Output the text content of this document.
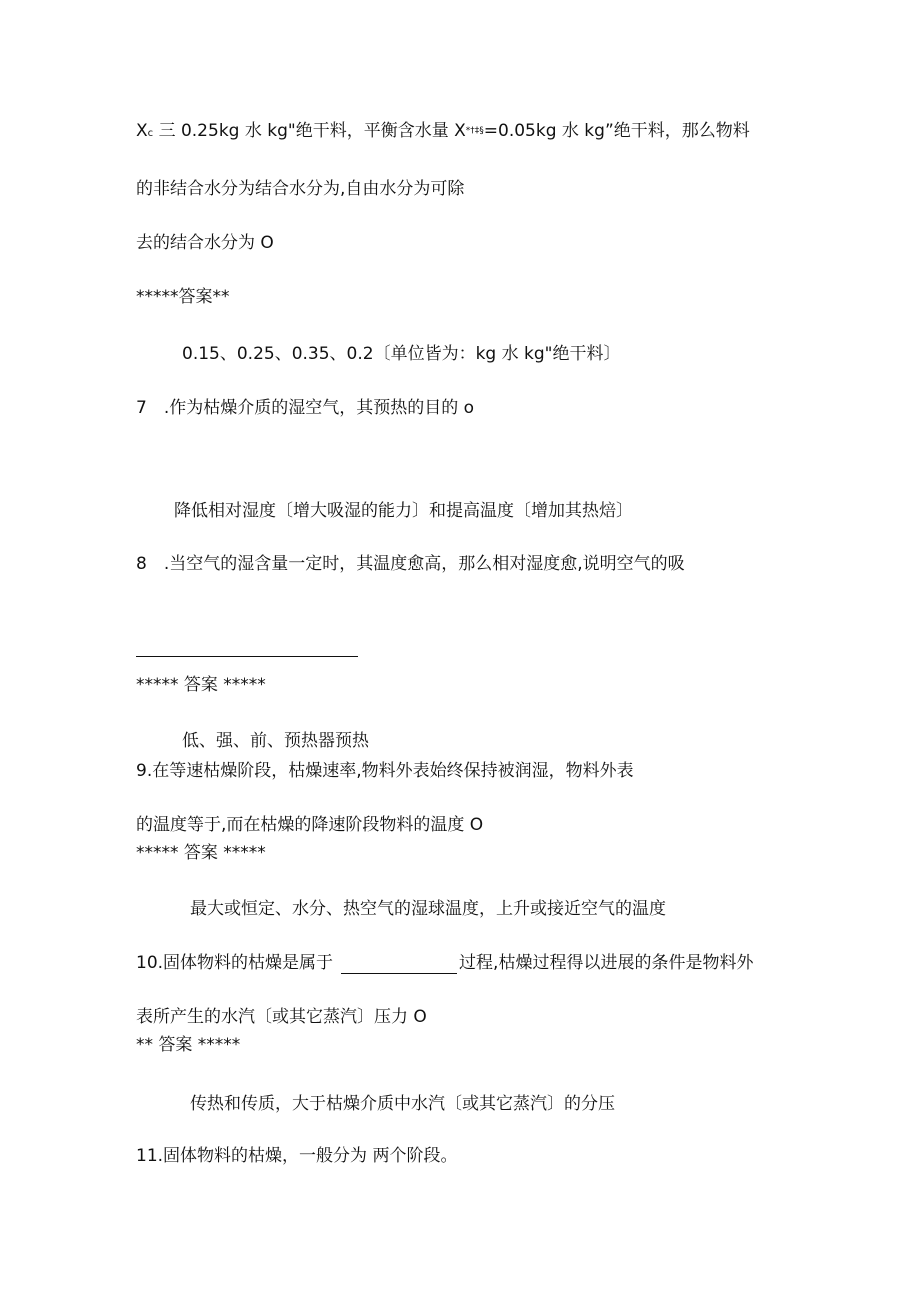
Xc 三 0.25kg 水 kg"绝干料，平衡含水量 X*†‡§=0.05kg 水 kg”绝干料，那么物料
的非结合水分为结合水分为,自由水分为可除
去的结合水分为 O
*****答案**
0.15、0.25、0.35、0.2〔单位皆为：kg 水 kg"绝干料〕
7　.作为枯燥介质的湿空气，其预热的目的 o
降低相对湿度〔增大吸湿的能力〕和提高温度〔增加其热焙〕
8　.当空气的湿含量一定时，其温度愈高，那么相对湿度愈,说明空气的吸
***** 答案 *****
低、强、前、预热器预热
9.在等速枯燥阶段，枯燥速率,物料外表始终保持被润湿，物料外表
的温度等于,而在枯燥的降速阶段物料的温度 O
***** 答案 *****
最大或恒定、水分、热空气的湿球温度，上升或接近空气的温度
10.固体物料的枯燥是属于	过程,枯燥过程得以进展的条件是物料外
表所产生的水汽〔或其它蒸汽〕压力 O
** 答案 *****
传热和传质，大于枯燥介质中水汽〔或其它蒸汽〕的分压
11.固体物料的枯燥，一般分为 两个阶段。
